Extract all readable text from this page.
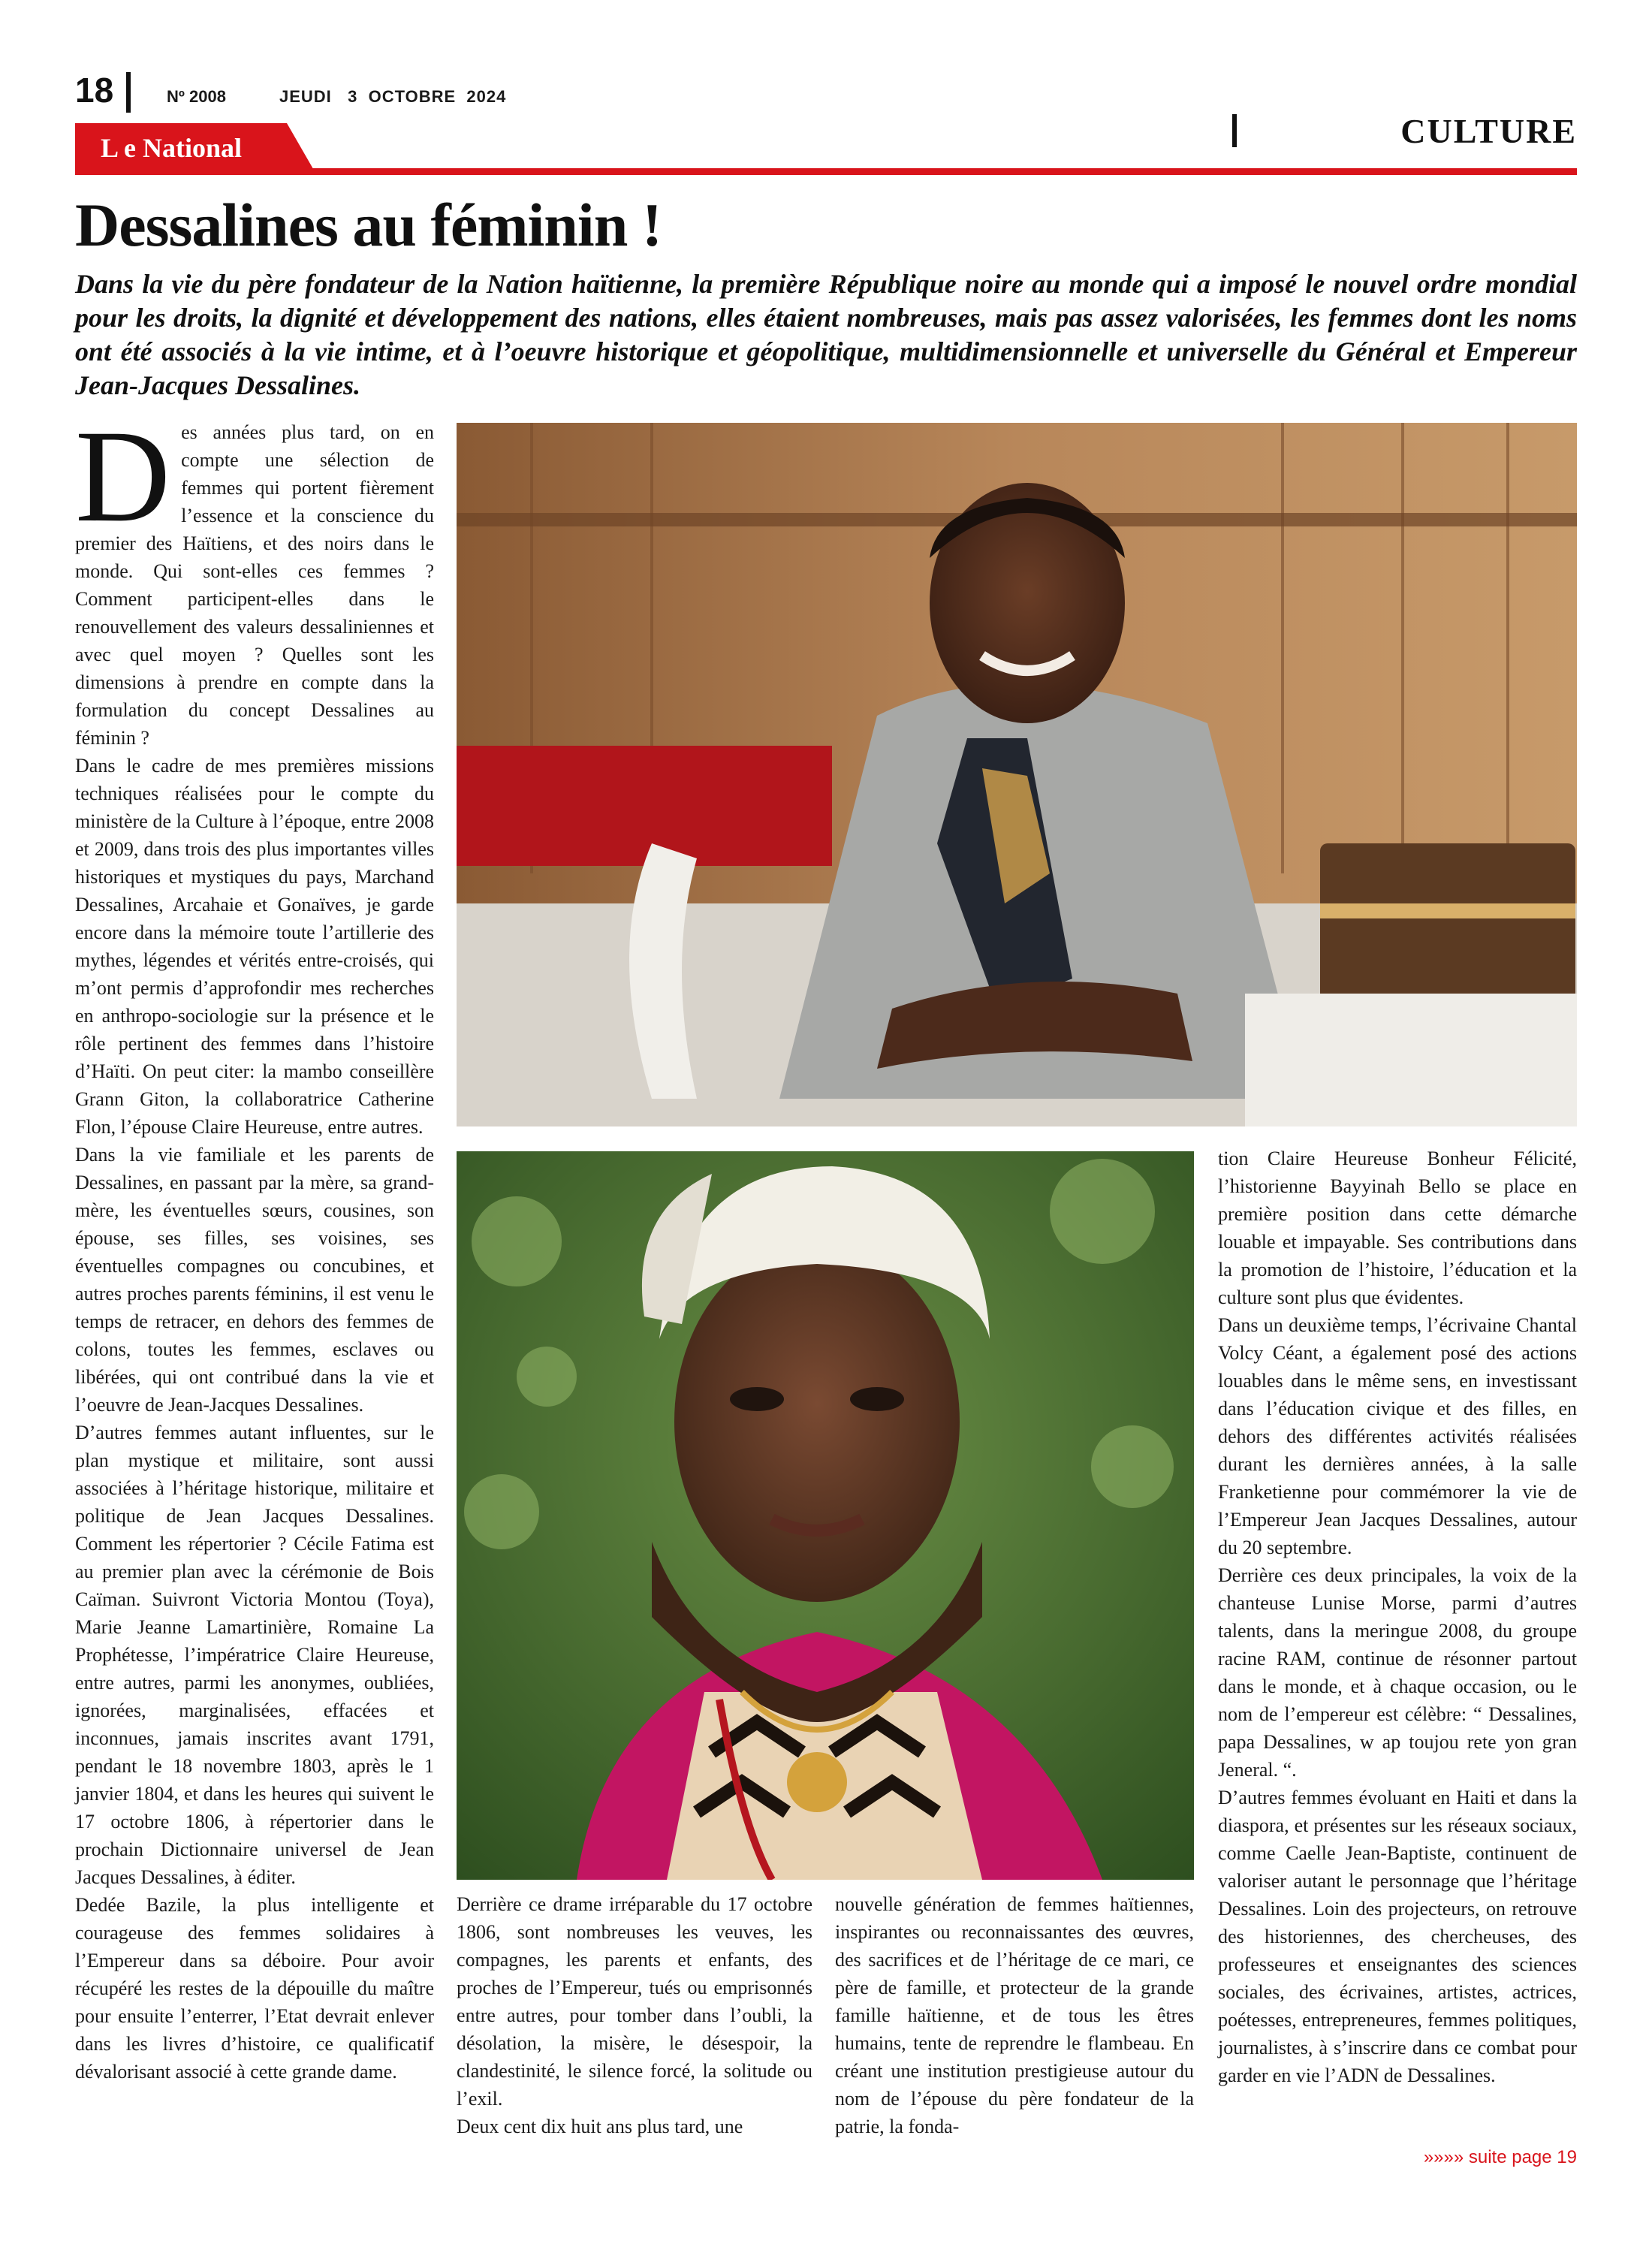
18	Nº 2008	JEUDI   3  OCTOBRE  2024
CULTURE
L e National
Dessalines au féminin !

Dans la vie du père fondateur de la Nation haïtienne, la première République noire au monde qui a imposé le nouvel ordre mondial pour les droits, la dignité et développement des nations, elles étaient nombreuses, mais pas assez valorisées, les femmes dont les noms ont été associés à la vie intime, et à l’oeuvre historique et géopolitique, multidimensionnelle et universelle du Général et Empereur Jean-Jacques Dessalines.

Des années plus tard, on en compte une sélection de femmes qui portent fièrement l’essence et la conscience du premier des Haïtiens, et des noirs dans le monde. Qui sont-elles ces femmes ? Comment participent-elles dans le renouvellement des valeurs dessaliniennes et avec quel moyen ? Quelles sont les dimensions à prendre en compte dans la formulation du concept Dessalines au féminin ?

Dans le cadre de mes premières missions techniques réalisées pour le compte du ministère de la Culture à l’époque, entre 2008 et 2009, dans trois des plus importantes villes historiques et mystiques du pays, Marchand Dessalines, Arcahaie et Gonaïves, je garde encore dans la mémoire toute l’artillerie des mythes, légendes et vérités entre-croisés, qui m’ont permis d’approfondir mes recherches en anthropo-sociologie sur la présence et le rôle pertinent des femmes dans l’histoire d’Haïti. On peut citer: la mambo conseillère Grann Giton, la collaboratrice Catherine Flon, l’épouse Claire Heureuse, entre autres.

Dans la vie familiale et les parents de Dessalines, en passant par la mère, sa grand-mère, les éventuelles sœurs, cousines, son épouse, ses filles, ses voisines, ses éventuelles compagnes ou concubines, et autres proches parents féminins, il est venu le temps de retracer, en dehors des femmes de colons, toutes les femmes, esclaves ou libérées, qui ont contribué dans la vie et l’oeuvre de Jean-Jacques Dessalines.

D’autres femmes autant influentes, sur le plan mystique et militaire, sont aussi associées à l’héritage historique, militaire et politique de Jean Jacques Dessalines. Comment les répertorier ? Cécile Fatima est au premier plan avec la cérémonie de Bois Caïman. Suivront Victoria Montou (Toya), Marie Jeanne Lamartinière, Romaine La Prophétesse, l’impératrice Claire Heureuse, entre autres, parmi les anonymes, oubliées, ignorées, marginalisées, effacées et inconnues, jamais inscrites avant 1791, pendant le 18 novembre 1803, après le 1 janvier 1804, et dans les heures qui suivent le 17 octobre 1806, à répertorier dans le prochain Dictionnaire universel de Jean Jacques Dessalines, à éditer.

Dedée Bazile, la plus intelligente et courageuse des femmes solidaires à l’Empereur dans sa déboire. Pour avoir récupéré les restes de la dépouille du maître pour ensuite l’enterrer, l’Etat devrait enlever dans les livres d’histoire, ce qualificatif dévalorisant associé à cette grande dame.

Derrière ce drame irréparable du 17 octobre 1806, sont nombreuses les veuves, les compagnes, les parents et enfants, des proches de l’Empereur, tués ou emprisonnés entre autres, pour tomber dans l’oubli, la désolation, la misère, le désespoir, la clandestinité, le silence forcé, la solitude ou l’exil.

Deux cent dix huit ans plus tard, une

nouvelle génération de femmes haïtiennes, inspirantes ou reconnaissantes des œuvres, des sacrifices et de l’héritage de ce mari, ce père de famille, et protecteur de la grande famille haïtienne, et de tous les êtres humains, tente de reprendre le flambeau. En créant une institution prestigieuse autour du nom de l’épouse du père fondateur de la patrie, la fonda-

tion Claire Heureuse Bonheur Félicité, l’historienne Bayyinah Bello se place en première position dans cette démarche louable et impayable. Ses contributions dans la promotion de l’histoire, l’éducation et la culture sont plus que évidentes.

Dans un deuxième temps, l’écrivaine Chantal Volcy Céant, a également posé des actions louables dans le même sens, en investissant dans l’éducation civique et des filles, en dehors des différentes activités réalisées durant les dernières années, à la salle Franketienne pour commémorer la vie de l’Empereur Jean Jacques Dessalines, autour du 20 septembre.

Derrière ces deux principales, la voix de la chanteuse Lunise Morse, parmi d’autres talents, dans la meringue 2008, du groupe racine RAM, continue de résonner partout dans le monde, et à chaque occasion, ou le nom de l’empereur est célèbre: “ Dessalines, papa Dessalines, w ap toujou rete yon gran Jeneral. “.

D’autres femmes évoluant en Haiti et dans la diaspora, et présentes sur les réseaux sociaux, comme Caelle Jean-Baptiste, continuent de valoriser autant le personnage que l’héritage Dessalines. Loin des projecteurs, on retrouve des historiennes, des chercheuses, des professeures et enseignantes des sciences sociales, des écrivaines, artistes, actrices, poétesses, entrepreneures, femmes politiques, journalistes, à s’inscrire dans ce combat pour garder en vie l’ADN de Dessalines.

»»»» suite page 19
